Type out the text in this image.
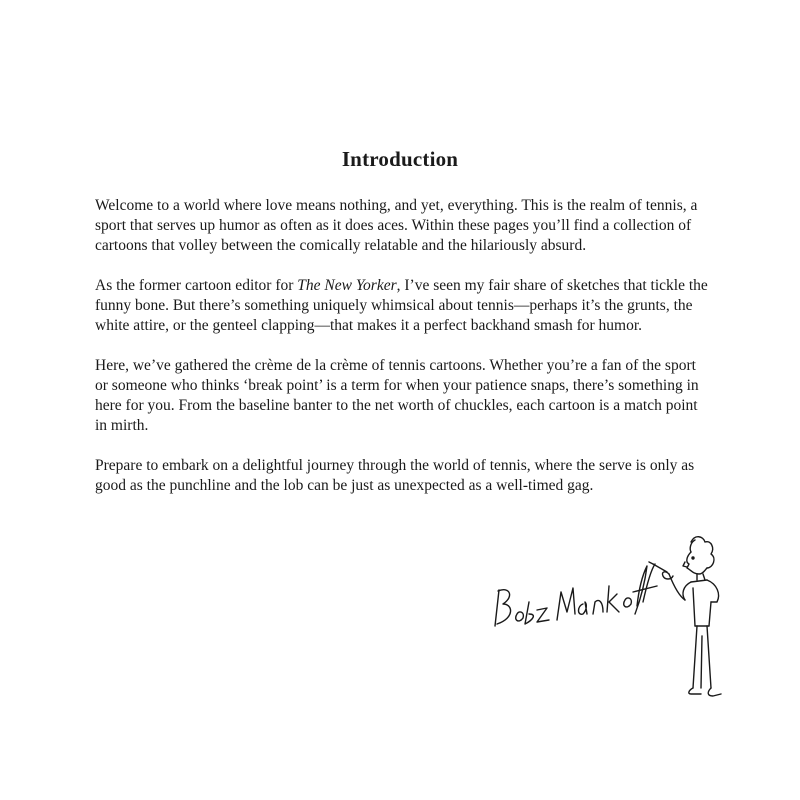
Introduction

Welcome to a world where love means nothing, and yet, everything. This is the realm of tennis, a sport that serves up humor as often as it does aces. Within these pages you’ll find a collection of cartoons that volley between the comically relatable and the hilariously absurd.

As the former cartoon editor for The New Yorker, I’ve seen my fair share of sketches that tickle the funny bone. But there’s something uniquely whimsical about tennis—perhaps it’s the grunts, the white attire, or the genteel clapping—that makes it a perfect backhand smash for humor.

Here, we’ve gathered the crème de la crème of tennis cartoons. Whether you’re a fan of the sport or someone who thinks ‘break point’ is a term for when your patience snaps, there’s something in here for you. From the baseline banter to the net worth of chuckles, each cartoon is a match point in mirth.

Prepare to embark on a delightful journey through the world of tennis, where the serve is only as good as the punchline and the lob can be just as unexpected as a well-timed gag.
